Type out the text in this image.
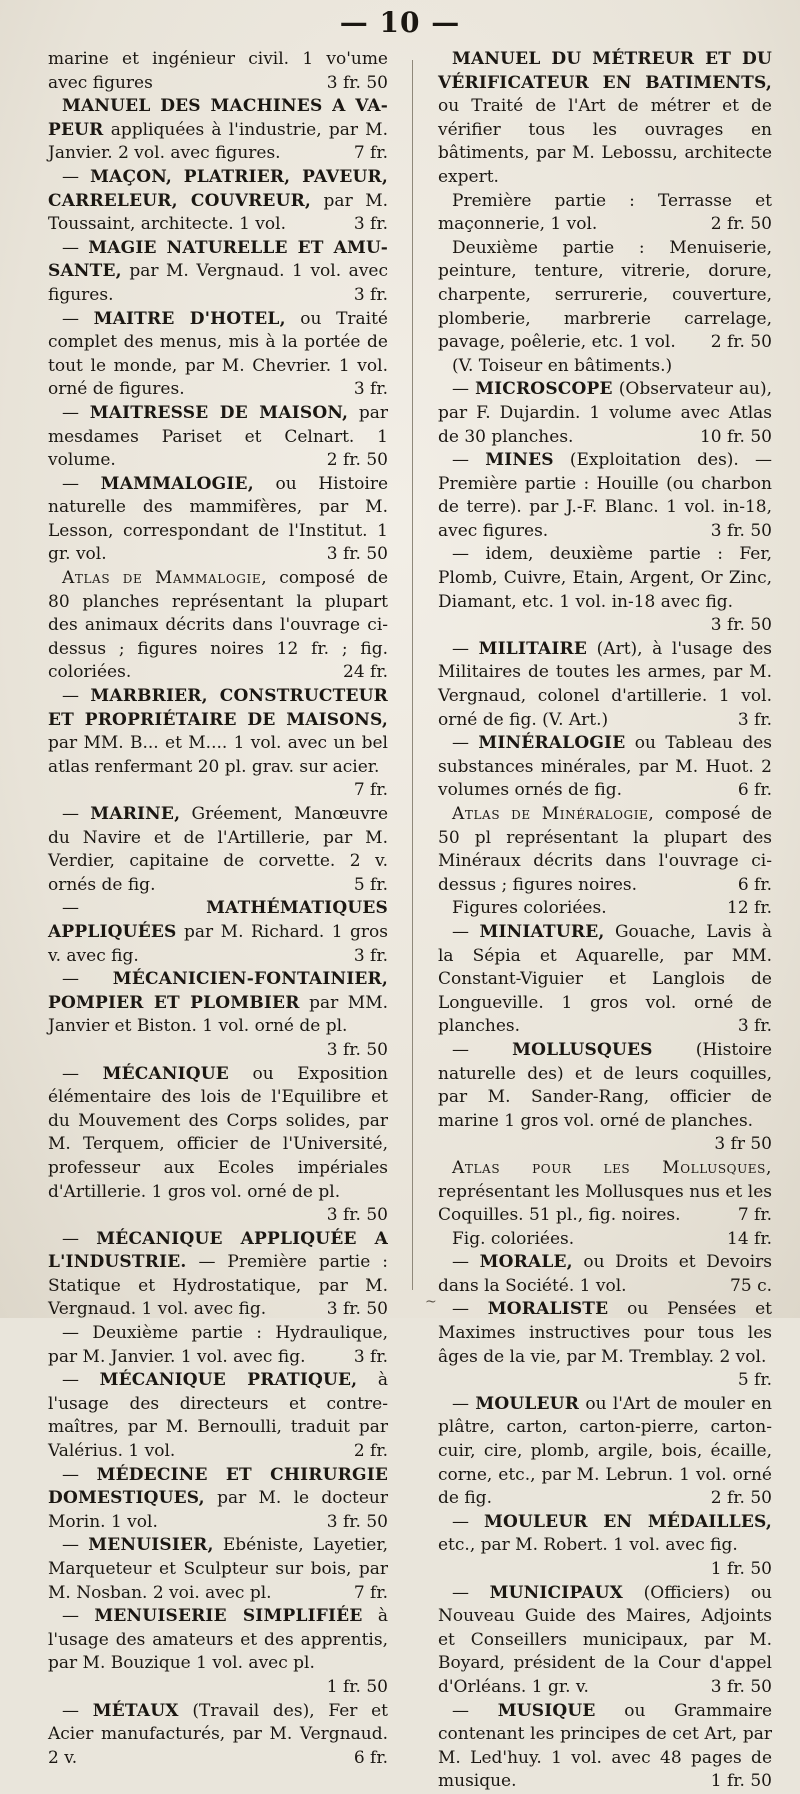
— 10 —

marine et ingénieur civil. 1 vo'ume avec figures	3 fr. 50

MANUEL DES MACHINES A VA-PEUR appliquées à l'industrie, par M. Janvier. 2 vol. avec figures.	7 fr.

— MAÇON, PLATRIER, PAVEUR, CARRELEUR, COUVREUR, par M. Toussaint, architecte. 1 vol.	3 fr.

— MAGIE NATURELLE ET AMU-SANTE, par M. Vergnaud. 1 vol. avec figures.	3 fr.

— MAITRE D'HOTEL, ou Traité complet des menus, mis à la portée de tout le monde, par M. Chevrier. 1 vol. orné de figures.	3 fr.

— MAITRESSE DE MAISON, par mesdames Pariset et Celnart. 1 volume.	2 fr. 50

— MAMMALOGIE, ou Histoire naturelle des mammifères, par M. Lesson, correspondant de l'Institut. 1 gr. vol.	3 fr. 50

Atlas de Mammalogie, composé de 80 planches représentant la plupart des animaux décrits dans l'ouvrage ci-dessus ; figures noires 12 fr. ; fig. coloriées.	24 fr.

— MARBRIER, CONSTRUCTEUR ET PROPRIÉTAIRE DE MAISONS, par MM. B... et M.... 1 vol. avec un bel atlas renfermant 20 pl. grav. sur acier.
7 fr.

— MARINE, Gréement, Manœuvre du Navire et de l'Artillerie, par M. Verdier, capitaine de corvette. 2 v. ornés de fig.	5 fr.

— MATHÉMATIQUES APPLIQUÉES par M. Richard. 1 gros v. avec fig.	3 fr.

— MÉCANICIEN-FONTAINIER, POMPIER ET PLOMBIER par MM. Janvier et Biston. 1 vol. orné de pl.
3 fr. 50

— MÉCANIQUE ou Exposition élémentaire des lois de l'Equilibre et du Mouvement des Corps solides, par M. Terquem, officier de l'Université, professeur aux Ecoles impériales d'Artillerie. 1 gros vol. orné de pl.
3 fr. 50

— MÉCANIQUE APPLIQUÉE A L'INDUSTRIE. — Première partie : Statique et Hydrostatique, par M. Vergnaud. 1 vol. avec fig.	3 fr. 50

— Deuxième partie : Hydraulique, par M. Janvier. 1 vol. avec fig.	3 fr.

— MÉCANIQUE PRATIQUE, à l'usage des directeurs et contre-maîtres, par M. Bernoulli, traduit par Valérius. 1 vol.	2 fr.

— MÉDECINE ET CHIRURGIE DOMESTIQUES, par M. le docteur Morin. 1 vol.	3 fr. 50

— MENUISIER, Ebéniste, Layetier, Marqueteur et Sculpteur sur bois, par M. Nosban. 2 voi. avec pl.	7 fr.

— MENUISERIE SIMPLIFIÉE à l'usage des amateurs et des apprentis, par M. Bouzique 1 vol. avec pl.
1 fr. 50

— MÉTAUX (Travail des), Fer et Acier manufacturés, par M. Vergnaud. 2 v.	6 fr.

MANUEL DU MÉTREUR ET DU VÉRIFICATEUR EN BATIMENTS, ou Traité de l'Art de métrer et de vérifier tous les ouvrages en bâtiments, par M. Lebossu, architecte expert.

Première partie : Terrasse et maçonnerie, 1 vol.	2 fr. 50

Deuxième partie : Menuiserie, peinture, tenture, vitrerie, dorure, charpente, serrurerie, couverture, plomberie, marbrerie carrelage, pavage, poêlerie, etc. 1 vol.	2 fr. 50

(V. Toiseur en bâtiments.)

— MICROSCOPE (Observateur au), par F. Dujardin. 1 volume avec Atlas de 30 planches.	10 fr. 50

— MINES (Exploitation des). — Première partie : Houille (ou charbon de terre). par J.-F. Blanc. 1 vol. in-18, avec figures.	3 fr. 50

— idem, deuxième partie : Fer, Plomb, Cuivre, Etain, Argent, Or Zinc, Diamant, etc. 1 vol. in-18 avec fig.
3 fr. 50

— MILITAIRE (Art), à l'usage des Militaires de toutes les armes, par M. Vergnaud, colonel d'artillerie. 1 vol. orné de fig. (V. Art.)	3 fr.

— MINÉRALOGIE ou Tableau des substances minérales, par M. Huot. 2 volumes ornés de fig.	6 fr.

Atlas de Minéralogie, composé de 50 pl représentant la plupart des Minéraux décrits dans l'ouvrage ci-dessus ; figures noires.	6 fr.

Figures coloriées.	12 fr.

— MINIATURE, Gouache, Lavis à la Sépia et Aquarelle, par MM. Constant-Viguier et Langlois de Longueville. 1 gros vol. orné de planches.	3 fr.

— MOLLUSQUES	(Histoire naturelle des) et de leurs coquilles, par M. Sander-Rang, officier de marine 1 gros vol. orné de planches.
3 fr 50

Atlas pour les Mollusques, représentant les Mollusques nus et les Coquilles. 51 pl., fig. noires.	7 fr.

Fig. coloriées.	14 fr.

— MORALE, ou Droits et Devoirs dans la Société. 1 vol.	75 c.

— MORALISTE ou Pensées et Maximes instructives pour tous les âges de la vie, par M. Tremblay. 2 vol.
5 fr.

— MOULEUR ou l'Art de mouler en plâtre, carton, carton-pierre, carton-cuir, cire, plomb, argile, bois, écaille, corne, etc., par M. Lebrun. 1 vol. orné de fig.	2 fr. 50

— MOULEUR EN MÉDAILLES, etc., par M. Robert. 1 vol. avec fig.
1 fr. 50

— MUNICIPAUX (Officiers) ou Nouveau Guide des Maires, Adjoints et Conseillers municipaux, par M. Boyard, président de la Cour d'appel d'Orléans. 1 gr. v.	3 fr. 50

— MUSIQUE ou Grammaire contenant les principes de cet Art, par M. Led'huy. 1 vol. avec 48 pages de musique.	1 fr. 50

~
